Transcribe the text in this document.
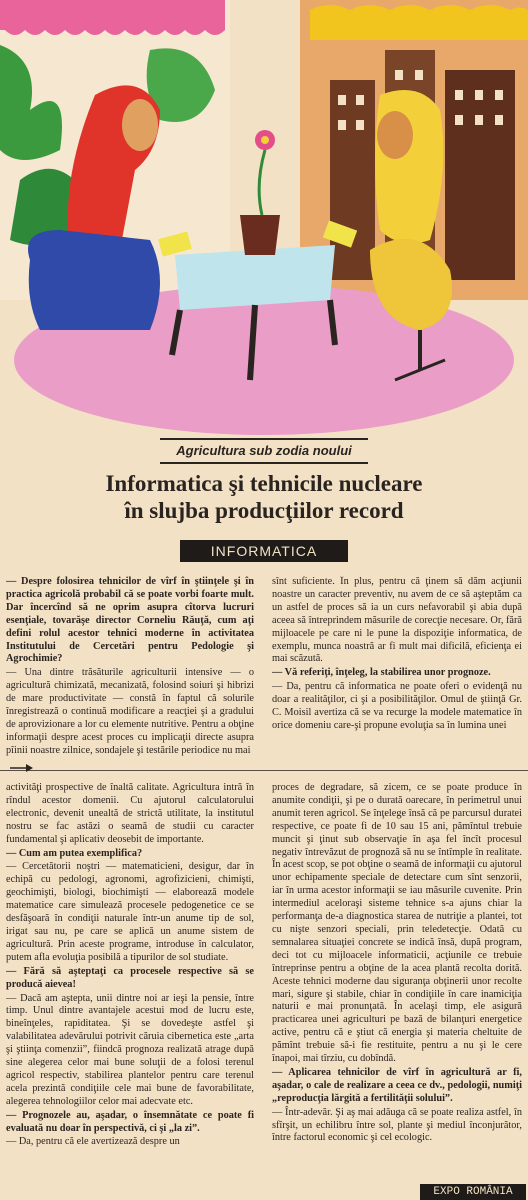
Agricultura sub zodia noului
Informatica şi tehnicile nucleare
în slujba producţiilor record
INFORMATICA

— Despre folosirea tehnicilor de vîrf în ştiinţele şi în practica agricolă probabil că se poate vorbi foarte mult. Dar încercînd să ne oprim asupra cîtorva lucruri esenţiale, tovarăşe director Corneliu Răuţă, cum aţi defini rolul acestor tehnici moderne în activitatea Institutului de Cercetări pentru Pedologie şi Agrochimie?

— Una dintre trăsăturile agriculturii intensive — o agricultură chimizată, mecanizată, folosind soiuri şi hibrizi de mare productivitate — constă în faptul că solurile înregistrează o continuă modificare a reacţiei şi a gradului de aprovizionare a lor cu elemente nutritive. Pentru a obţine informaţii despre acest proces cu implicaţii directe asupra pîinii noastre zilnice, sondajele şi testările periodice nu mai

sînt suficiente. În plus, pentru că ţinem să dăm acţiunii noastre un caracter preventiv, nu avem de ce să aşteptăm ca un astfel de proces să ia un curs nefavorabil şi abia după aceea să întreprindem măsurile de corecţie necesare. Or, fără mijloacele pe care ni le pune la dispoziţie informatica, de exemplu, munca noastră ar fi mult mai dificilă, eficienţa ei mai scăzută.

— Vă referiţi, înţeleg, la stabilirea unor prognoze.

— Da, pentru că informatica ne poate oferi o evidenţă nu doar a realităţilor, ci şi a posibilităţilor. Omul de ştiinţă Gr. C. Moisil avertiza că se va recurge la modele matematice în orice domeniu care-şi propune evoluţia sa în lumina unei

activităţi prospective de înaltă calitate. Agricultura intră în rîndul acestor domenii. Cu ajutorul calculatorului electronic, devenit unealtă de strictă utilitate, la institutul nostru se fac astăzi o seamă de studii cu caracter fundamental şi aplicativ deosebit de importante.

— Cum am putea exemplifica?

— Cercetătorii noştri — matematicieni, desigur, dar în echipă cu pedologi, agronomi, agrofizicieni, chimişti, geochimişti, biologi, biochimişti — elaborează modele matematice care simulează procesele pedogenetice ce se desfăşoară în condiţii naturale într-un anume tip de sol, irigat sau nu, pe care se aplică un anume sistem de agricultură. Prin aceste programe, introduse în calculator, putem afla evoluţia posibilă a tipurilor de sol studiate.

— Fără să aşteptaţi ca procesele respective să se producă aievea!

— Dacă am aştepta, unii dintre noi ar ieşi la pensie, între timp. Unul dintre avantajele acestui mod de lucru este, bineînţeles, rapiditatea. Şi se dovedeşte astfel şi valabilitatea adevărului potrivit căruia cibernetica este „arta şi ştiinţa comenzii”, fiindcă prognoza realizată atrage după sine alegerea celor mai bune soluţii de a folosi terenul agricol respectiv, stabilirea plantelor pentru care terenul acela prezintă condiţiile cele mai bune de favorabilitate, alegerea tehnologiilor celor mai adecvate etc.

— Prognozele au, aşadar, o însemnătate ce poate fi evaluată nu doar în perspectivă, ci şi „la zi”.

— Da, pentru că ele avertizează despre un

proces de degradare, să zicem, ce se poate produce în anumite condiţii, şi pe o durată oarecare, în perimetrul unui anumit teren agricol. Se înţelege însă că pe parcursul duratei respective, ce poate fi de 10 sau 15 ani, pămîntul trebuie muncit şi ţinut sub observaţie în aşa fel încît procesul negativ întrevăzut de prognoză să nu se întîmple în realitate. În acest scop, se pot obţine o seamă de informaţii cu ajutorul unor echipamente speciale de detectare cum sînt senzorii, iar în urma acestor informaţii se iau măsurile cuvenite. Prin intermediul aceloraşi sisteme tehnice s-a ajuns chiar la performanţa de-a diagnostica starea de nutriţie a plantei, tot cu nişte senzori speciali, prin teledetecţie. Odată cu semnalarea situaţiei concrete se indică însă, după program, deci tot cu mijloacele informaticii, acţiunile ce trebuie întreprinse pentru a obţine de la acea plantă recolta dorită. Aceste tehnici moderne dau siguranţa obţinerii unor recolte mari, sigure şi stabile, chiar în condiţiile în care inamiciţia naturii e mai pronunţată. În acelaşi timp, ele asigură practicarea unei agriculturi pe bază de bilanţuri energetice active, pentru că e ştiut că energia şi materia cheltuite de pămînt trebuie să-i fie restituite, pentru a nu şi le cere înapoi, mai tîrziu, cu dobîndă.

— Aplicarea tehnicilor de vîrf în agricultură ar fi, aşadar, o cale de realizare a ceea ce dv., pedologii, numiţi „reproducţia lărgită a fertilităţii solului”.

— Într-adevăr. Şi aş mai adăuga că se poate realiza astfel, în sfîrşit, un echilibru între sol, plante şi mediul înconjurător, între factorul economic şi cel ecologic.

EXPO ROMÂNIA
